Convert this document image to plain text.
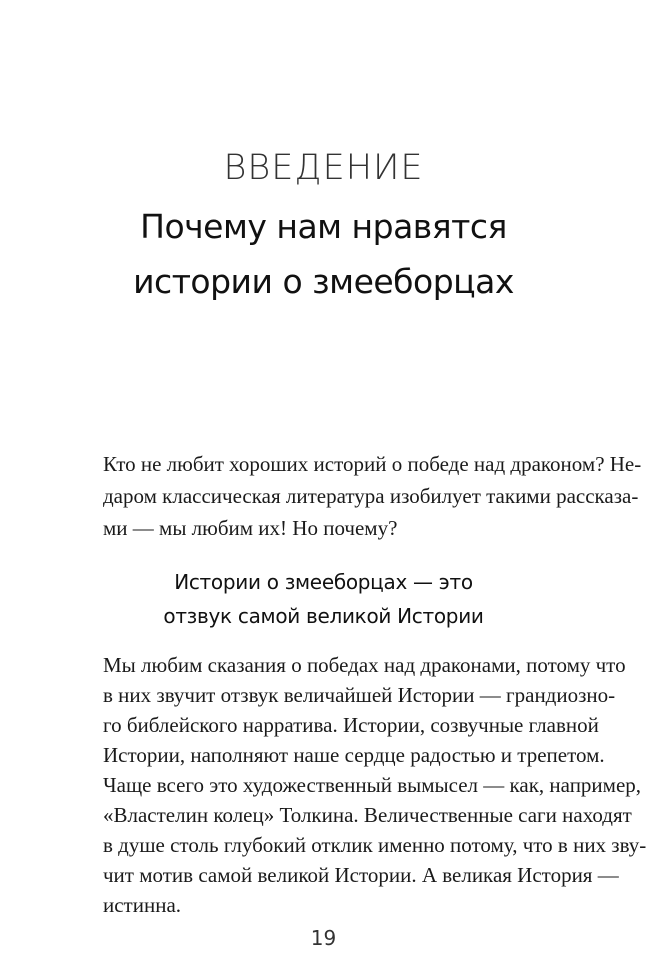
ВВЕДЕНИЕ
Почему нам нравятся
истории о змееборцах
Кто не любит хороших историй о победе над драконом? Не-
даром классическая литература изобилует такими рассказа-
ми — мы любим их! Но почему?
Истории о змееборцах — это
отзвук самой великой Истории
Мы любим сказания о победах над драконами, потому что
в них звучит отзвук величайшей Истории — грандиозно-
го библейского нарратива. Истории, созвучные главной
Истории, наполняют наше сердце радостью и трепетом.
Чаще всего это художественный вымысел — как, например,
«Властелин колец» Толкина. Величественные саги находят
в душе столь глубокий отклик именно потому, что в них зву-
чит мотив самой великой Истории. А великая История —
истинна.
19
